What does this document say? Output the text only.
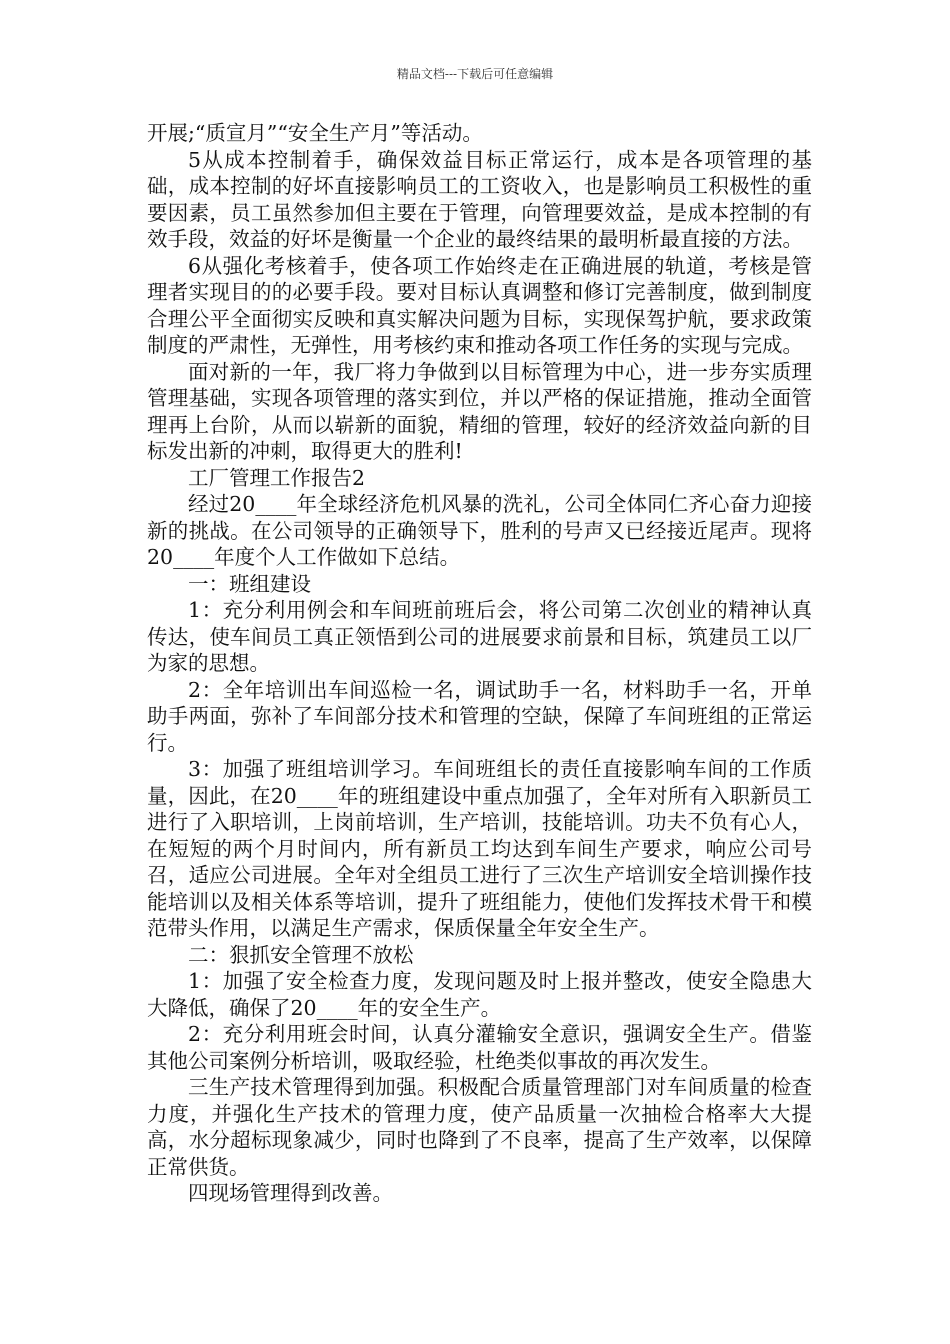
精品文档---下载后可任意编辑

开展;“质宣月”“安全生产月”等活动。

5从成本控制着手，确保效益目标正常运行，成本是各项管理的基础，成本控制的好坏直接影响员工的工资收入，也是影响员工积极性的重要因素，员工虽然参加但主要在于管理，向管理要效益，是成本控制的有效手段，效益的好坏是衡量一个企业的最终结果的最明析最直接的方法。

6从强化考核着手，使各项工作始终走在正确进展的轨道，考核是管理者实现目的的必要手段。要对目标认真调整和修订完善制度，做到制度合理公平全面彻实反映和真实解决问题为目标，实现保驾护航，要求政策制度的严肃性，无弹性，用考核约束和推动各项工作任务的实现与完成。

面对新的一年，我厂将力争做到以目标管理为中心，进一步夯实质理管理基础，实现各项管理的落实到位，并以严格的保证措施，推动全面管理再上台阶，从而以崭新的面貌，精细的管理，较好的经济效益向新的目标发出新的冲刺，取得更大的胜利!

工厂管理工作报告2

经过20____年全球经济危机风暴的洗礼，公司全体同仁齐心奋力迎接新的挑战。在公司领导的正确领导下，胜利的号声又已经接近尾声。现将20____年度个人工作做如下总结。

一：班组建设

1：充分利用例会和车间班前班后会，将公司第二次创业的精神认真传达，使车间员工真正领悟到公司的进展要求前景和目标，筑建员工以厂为家的思想。

2：全年培训出车间巡检一名，调试助手一名，材料助手一名，开单助手两面，弥补了车间部分技术和管理的空缺，保障了车间班组的正常运行。

3：加强了班组培训学习。车间班组长的责任直接影响车间的工作质量，因此，在20____年的班组建设中重点加强了，全年对所有入职新员工进行了入职培训，上岗前培训，生产培训，技能培训。功夫不负有心人，在短短的两个月时间内，所有新员工均达到车间生产要求，响应公司号召，适应公司进展。全年对全组员工进行了三次生产培训安全培训操作技能培训以及相关体系等培训，提升了班组能力，使他们发挥技术骨干和模范带头作用，以满足生产需求，保质保量全年安全生产。

二：狠抓安全管理不放松

1：加强了安全检查力度，发现问题及时上报并整改，使安全隐患大大降低，确保了20____年的安全生产。

2：充分利用班会时间，认真分灌输安全意识，强调安全生产。借鉴其他公司案例分析培训，吸取经验，杜绝类似事故的再次发生。

三生产技术管理得到加强。积极配合质量管理部门对车间质量的检查力度，并强化生产技术的管理力度，使产品质量一次抽检合格率大大提高，水分超标现象减少，同时也降到了不良率，提高了生产效率，以保障正常供货。

四现场管理得到改善。
